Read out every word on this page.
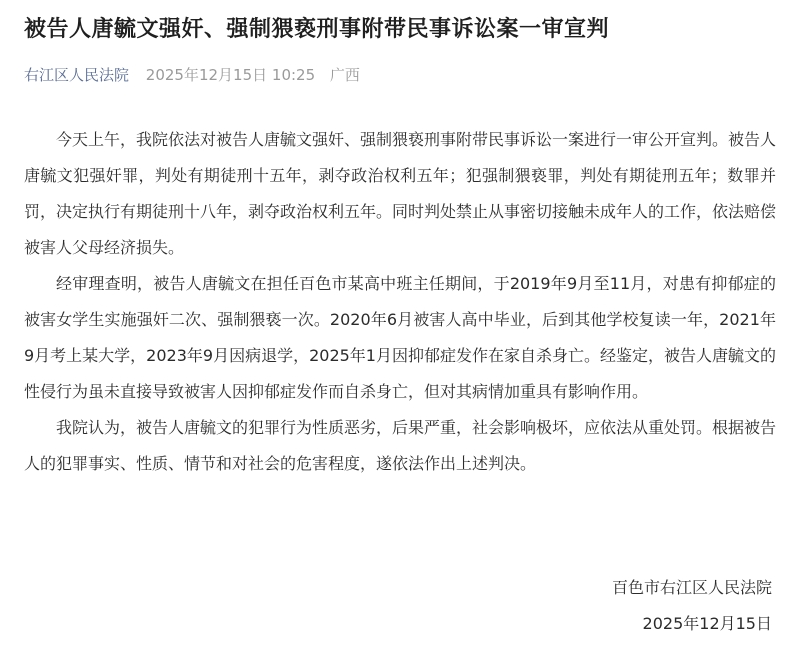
被告人唐毓文强奸、强制猥亵刑事附带民事诉讼案一审宣判
右江区人民法院 2025年12月15日 10:25 广西

今天上午，我院依法对被告人唐毓文强奸、强制猥亵刑事附带民事诉讼一案进行一审公开宣判。被告人唐毓文犯强奸罪，判处有期徒刑十五年，剥夺政治权利五年；犯强制猥亵罪，判处有期徒刑五年；数罪并罚，决定执行有期徒刑十八年，剥夺政治权利五年。同时判处禁止从事密切接触未成年人的工作，依法赔偿被害人父母经济损失。

经审理查明，被告人唐毓文在担任百色市某高中班主任期间，于2019年9月至11月，对患有抑郁症的被害女学生实施强奸二次、强制猥亵一次。2020年6月被害人高中毕业，后到其他学校复读一年，2021年9月考上某大学，2023年9月因病退学，2025年1月因抑郁症发作在家自杀身亡。经鉴定，被告人唐毓文的性侵行为虽未直接导致被害人因抑郁症发作而自杀身亡，但对其病情加重具有影响作用。

我院认为，被告人唐毓文的犯罪行为性质恶劣，后果严重，社会影响极坏，应依法从重处罚。根据被告人的犯罪事实、性质、情节和对社会的危害程度，遂依法作出上述判决。

百色市右江区人民法院
2025年12月15日
